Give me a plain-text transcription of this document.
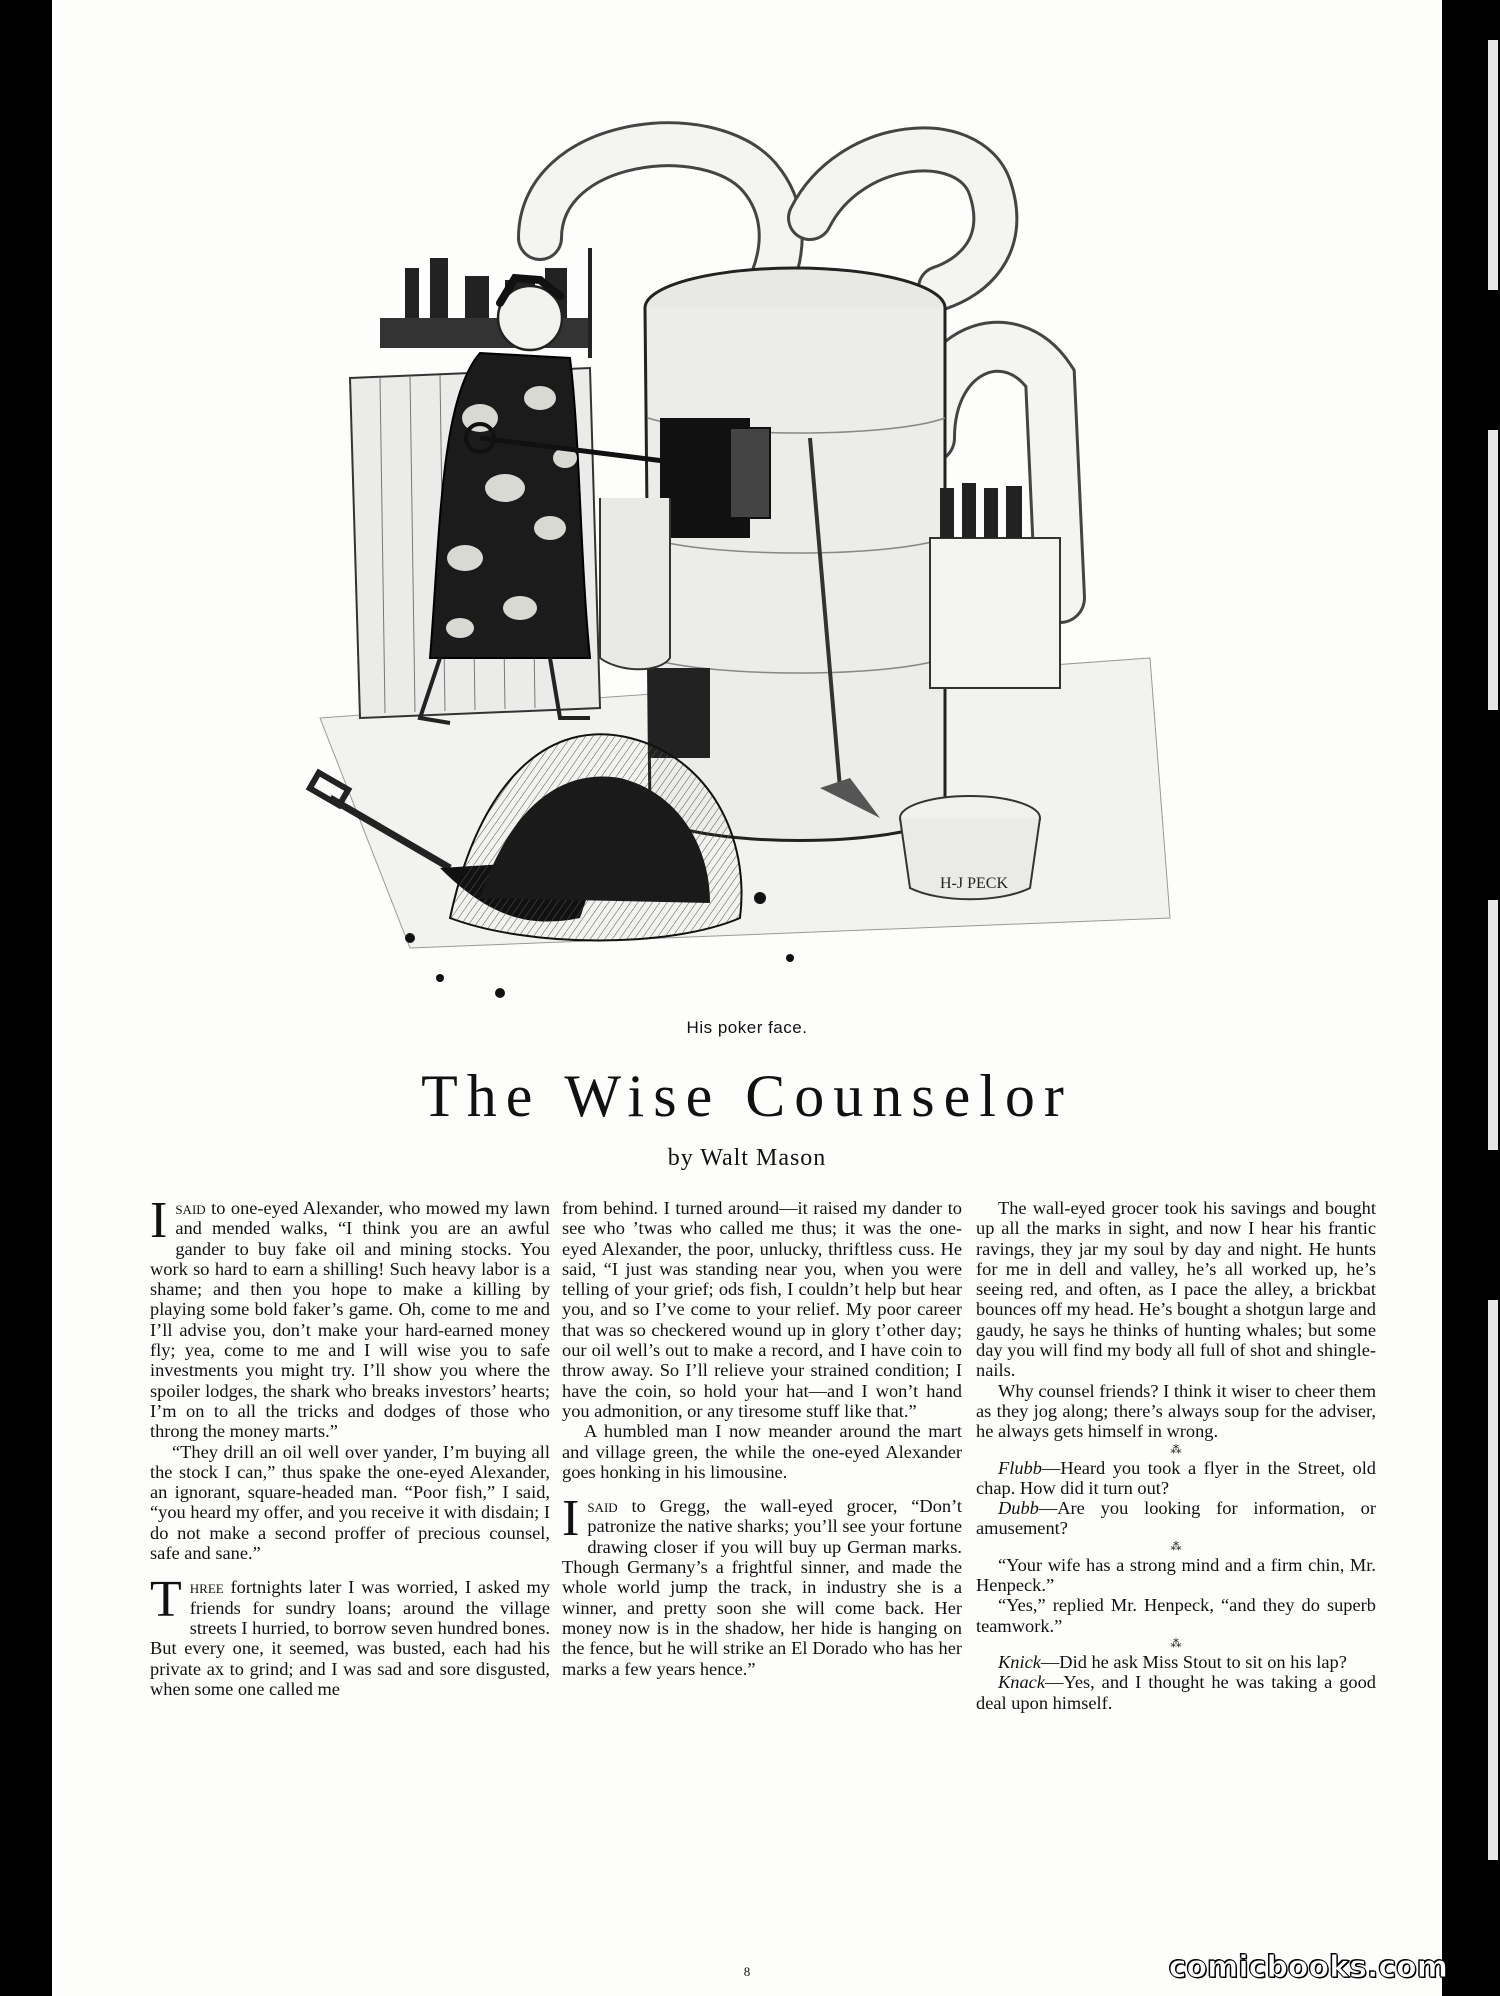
H-J PECK
His poker face.
The Wise Counselor
by Walt Mason

Isaid to one-eyed Alexander, who mowed my lawn and mended walks, “I think you are an awful gander to buy fake oil and mining stocks. You work so hard to earn a shilling! Such heavy labor is a shame; and then you hope to make a killing by playing some bold faker’s game. Oh, come to me and I’ll advise you, don’t make your hard-earned money fly; yea, come to me and I will wise you to safe investments you might try. I’ll show you where the spoiler lodges, the shark who breaks investors’ hearts; I’m on to all the tricks and dodges of those who throng the money marts.”

“They drill an oil well over yander, I’m buying all the stock I can,” thus spake the one-eyed Alexander, an ignorant, square-headed man. “Poor fish,” I said, “you heard my offer, and you receive it with disdain; I do not make a second proffer of precious counsel, safe and sane.”

Three fortnights later I was worried, I asked my friends for sundry loans; around the village streets I hurried, to borrow seven hundred bones. But every one, it seemed, was busted, each had his private ax to grind; and I was sad and sore disgusted, when some one called me

from behind. I turned around—it raised my dander to see who ’twas who called me thus; it was the one-eyed Alexander, the poor, unlucky, thriftless cuss. He said, “I just was standing near you, when you were telling of your grief; ods fish, I couldn’t help but hear you, and so I’ve come to your relief. My poor career that was so checkered wound up in glory t’other day; our oil well’s out to make a record, and I have coin to throw away. So I’ll relieve your strained condition; I have the coin, so hold your hat—and I won’t hand you admonition, or any tiresome stuff like that.”

A humbled man I now meander around the mart and village green, the while the one-eyed Alexander goes honking in his limousine.

Isaid to Gregg, the wall-eyed grocer, “Don’t patronize the native sharks; you’ll see your fortune drawing closer if you will buy up German marks. Though Germany’s a frightful sinner, and made the whole world jump the track, in industry she is a winner, and pretty soon she will come back. Her money now is in the shadow, her hide is hanging on the fence, but he will strike an El Dorado who has her marks a few years hence.”

The wall-eyed grocer took his savings and bought up all the marks in sight, and now I hear his frantic ravings, they jar my soul by day and night. He hunts for me in dell and valley, he’s all worked up, he’s seeing red, and often, as I pace the alley, a brickbat bounces off my head. He’s bought a shotgun large and gaudy, he says he thinks of hunting whales; but some day you will find my body all full of shot and shingle-nails.

Why counsel friends? I think it wiser to cheer them as they jog along; there’s always soup for the adviser, he always gets himself in wrong.

⁂

Flubb—Heard you took a flyer in the Street, old chap. How did it turn out?

Dubb—Are you looking for information, or amusement?

⁂

“Your wife has a strong mind and a firm chin, Mr. Henpeck.”

“Yes,” replied Mr. Henpeck, “and they do superb teamwork.”

⁂

Knick—Did he ask Miss Stout to sit on his lap?

Knack—Yes, and I thought he was taking a good deal upon himself.

8	comicbooks.com
